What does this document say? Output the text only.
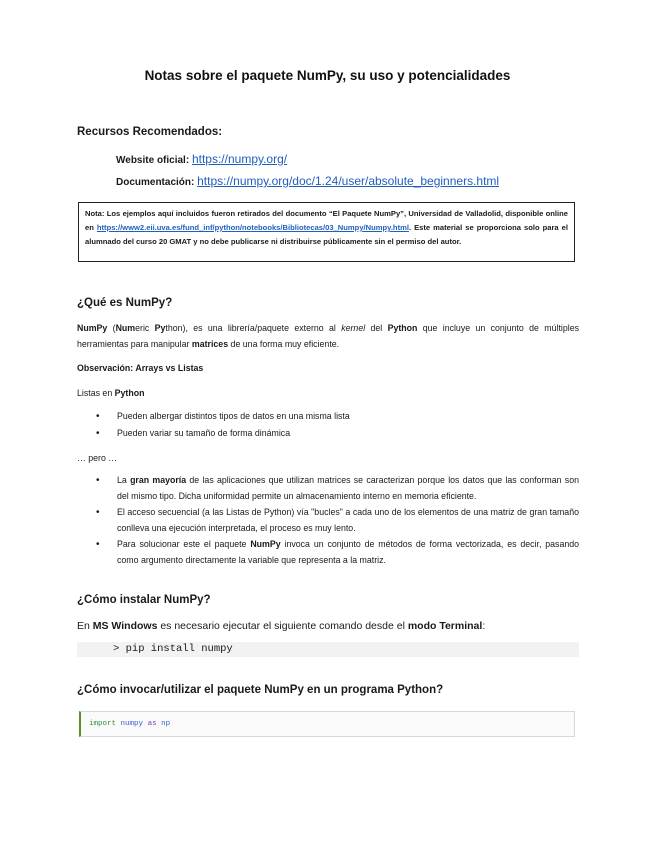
Notas sobre el paquete NumPy, su uso y potencialidades
Recursos Recomendados:
Website oficial: https://numpy.org/
Documentación: https://numpy.org/doc/1.24/user/absolute_beginners.html
Nota: Los ejemplos aquí incluidos fueron retirados del documento “El Paquete NumPy”, Universidad de Valladolid, disponible online en https://www2.eii.uva.es/fund_inf/python/notebooks/Bibliotecas/03_Numpy/Numpy.html. Este material se proporciona solo para el alumnado del curso 20 GMAT y no debe publicarse ni distribuirse públicamente sin el permiso del autor.
¿Qué es NumPy?
NumPy (Numeric Python), es una librería/paquete externo al kernel del Python que incluye un conjunto de múltiples herramientas para manipular matrices de una forma muy eficiente.
Observación: Arrays vs Listas
Listas en Python
• Pueden albergar distintos tipos de datos en una misma lista
• Pueden variar su tamaño de forma dinámica
… pero …
• La gran mayoría de las aplicaciones que utilizan matrices se caracterizan porque los datos que las conforman son del mismo tipo. Dicha uniformidad permite un almacenamiento interno en memoria eficiente.
• El acceso secuencial (a las Listas de Python) vía "bucles" a cada uno de los elementos de una matriz de gran tamaño conlleva una ejecución interpretada, el proceso es muy lento.
• Para solucionar este el paquete NumPy invoca un conjunto de métodos de forma vectorizada, es decir, pasando como argumento directamente la variable que representa a la matriz.
¿Cómo instalar NumPy?
En MS Windows es necesario ejecutar el siguiente comando desde el modo Terminal:
> pip install numpy
¿Cómo invocar/utilizar el paquete NumPy en un programa Python?
import numpy as np
